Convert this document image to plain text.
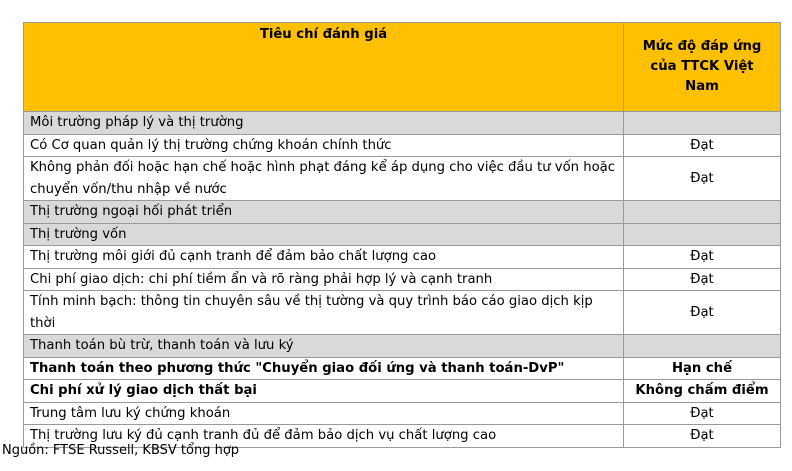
Tiêu chí đánh giá	Mức độ đáp ứng của TTCK Việt Nam
Môi trường pháp lý và thị trường	
Có Cơ quan quản lý thị trường chứng khoán chính thức	Đạt
Không phản đối hoặc hạn chế hoặc hình phạt đáng kể áp dụng cho việc đầu tư vốn hoặc chuyển vốn/thu nhập về nước	Đạt
Thị trường ngoại hối phát triển	
Thị trường vốn	
Thị trường môi giới đủ cạnh tranh để đảm bảo chất lượng cao	Đạt
Chi phí giao dịch: chi phí tiềm ẩn và rõ ràng phải hợp lý và cạnh tranh	Đạt
Tính minh bạch: thông tin chuyên sâu về thị tường và quy trình báo cáo giao dịch kịp thời	Đạt
Thanh toán bù trừ, thanh toán và lưu ký	
Thanh toán theo phương thức "Chuyển giao đối ứng và thanh toán-DvP"	Hạn chế
Chi phí xử lý giao dịch thất bại	Không chấm điểm
Trung tâm lưu ký chứng khoán	Đạt
Thị trường lưu ký đủ cạnh tranh đủ để đảm bảo dịch vụ chất lượng cao	Đạt
Nguồn: FTSE Russell, KBSV tổng hợp
